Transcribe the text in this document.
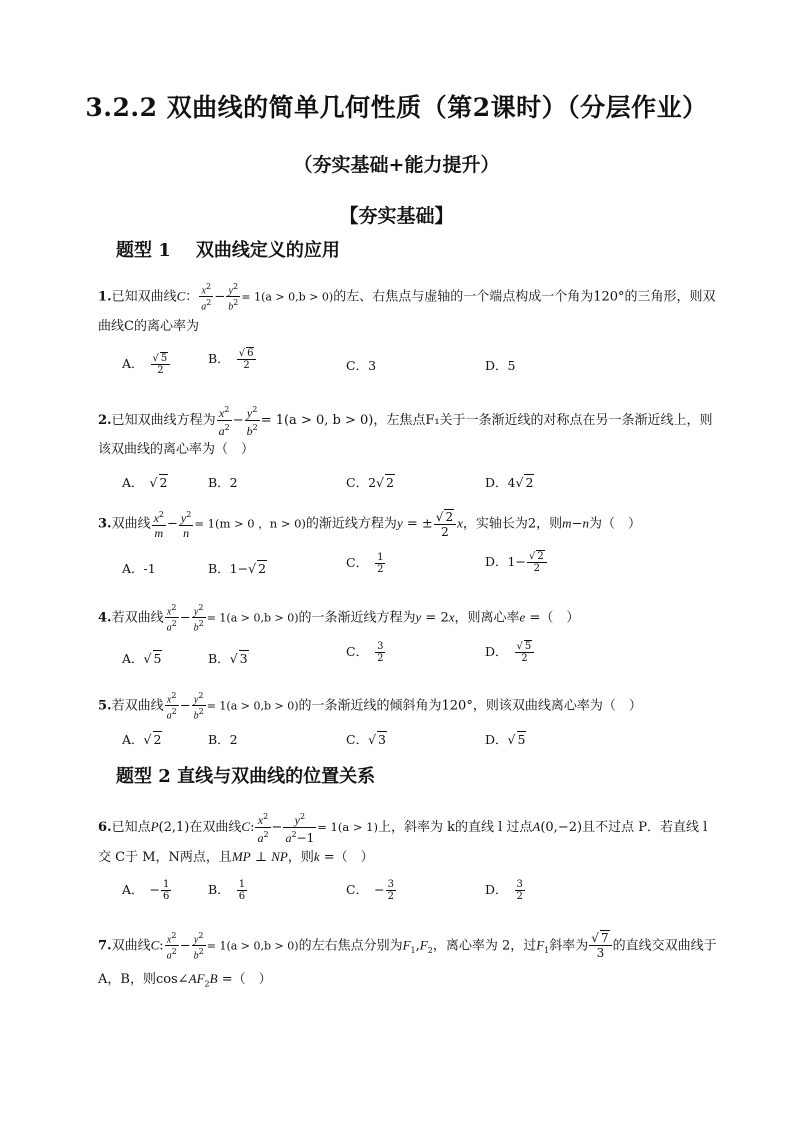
3.2.2 双曲线的简单几何性质（第2课时）（分层作业）
（夯实基础+能力提升）
【夯实基础】
题型 1 双曲线定义的应用
1.已知双曲线C： $\frac{x^2}{a^2} - \frac{y^2}{b^2} = 1(a > 0,b > 0)$的左、右焦点与虚轴的一个端点构成一个角为120°的三角形，则双
曲线C的离心率为
A． $\frac{√ 5}{2}$	B． $\frac{√ 6}{2}$	C．3	D．5
2.已知双曲线方程为 $\frac{x^2}{a^2} - \frac{y^2}{b^2} = 1(a > 0$, b > 0)，左焦点F₁关于一条渐近线的对称点在另一条渐近线上，则
该双曲线的离心率为（　）
A． √ 2	B．2	C．2√ 2	D．4√ 2
3.双曲线 $\frac{x^2}{m} - \frac{y^2}{n} = 1(m > 0$ ，n > 0)的渐近线方程为y = ± $\frac{√ 2}{2}$ x，实轴长为2，则m−n为（　）
A．-1	B．1−√ 2	C． $\frac{1}{2}$	D．$1- \frac{√ 2}{2}$
4.若双曲线 $\frac{x^2}{a^2} - \frac{y^2}{b^2} = 1(a > 0,b > 0)$的一条渐近线方程为y = 2x，则离心率e =（　）
A．√ 5	B．√ 3	C． $\frac{3}{2}$	D． $\frac{√ 5}{2}$
5.若双曲线 $\frac{x^2}{a^2} - \frac{y^2}{b^2} = 1(a > 0,b > 0)$的一条渐近线的倾斜角为120°，则该双曲线离心率为（　）
A．√ 2	B．2	C．√ 3	D．√ 5
题型 2 直线与双曲线的位置关系
6.已知点P(2,1)在双曲线C: $\frac{x^2}{a^2} - \frac{y^2}{a^2-1} = 1(a > 1)$上，斜率为 k的直线 l 过点A(0,−2)且不过点 P．若直线 l
交 C于 M，N两点，且MP ⊥ NP，则k =（　）
A． − $\frac{1}{6}$	B． $\frac{1}{6}$	C． − $\frac{3}{2}$	D． $\frac{3}{2}$
7.双曲线C: $\frac{x^2}{a^2} - \frac{y^2}{b^2} = 1(a > 0,b > 0)$的左右焦点分别为$F_1,F_2$，离心率为 2，过$F_1$斜率为 $\frac{√ 7}{3}$ 的直线交双曲线于
A，B，则$\cos\angle AF_2B$ =（　）
